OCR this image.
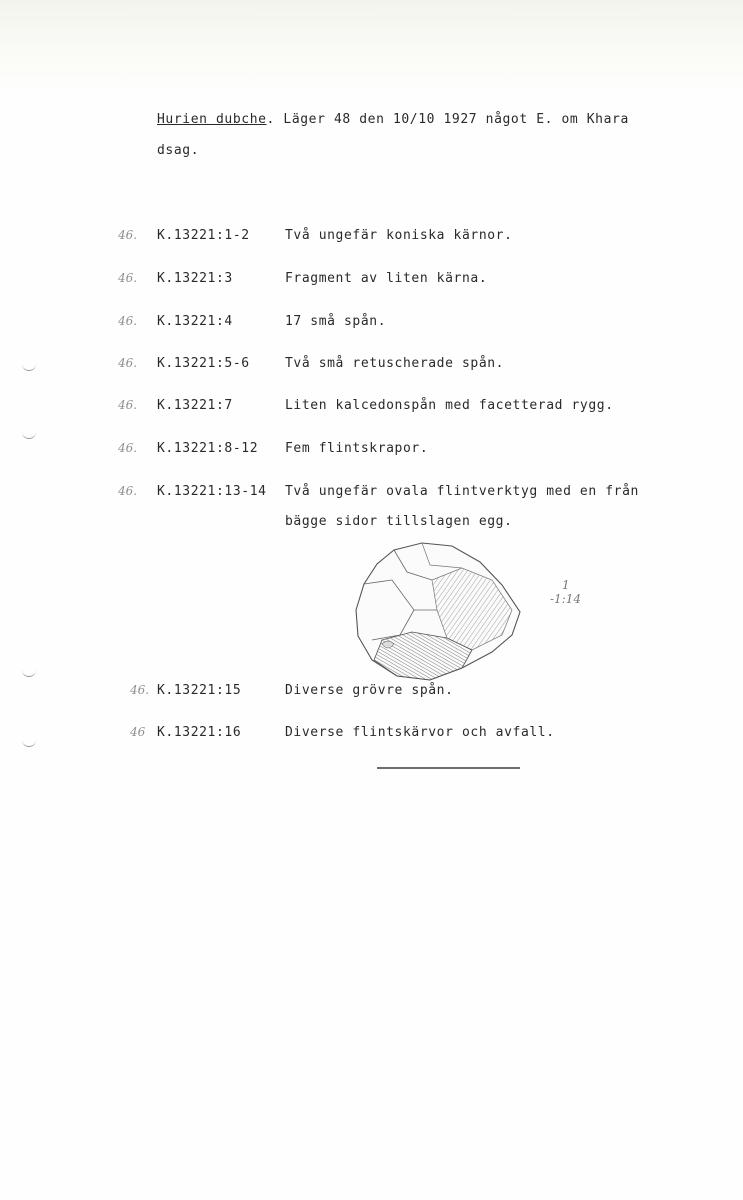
Hurien dubche. Läger 48 den 10/10 1927 något E. om Khara
dsag.
46. K.13221:1-2	Två ungefär koniska kärnor.
46. K.13221:3	Fragment av liten kärna.
46. K.13221:4	17 små spån.
46. K.13221:5-6	Två små retuscherade spån.
46. K.13221:7	Liten kalcedonspån med facetterad rygg.
46. K.13221:8-12 Fem flintskrapor.
46. K.13221:13-14 Två ungefär ovala flintverktyg med en från
bägge sidor tillslagen egg.
1
-1:14
46. K.13221:15	Diverse grövre spån.
46 K.13221:16	Diverse flintskärvor och avfall.
